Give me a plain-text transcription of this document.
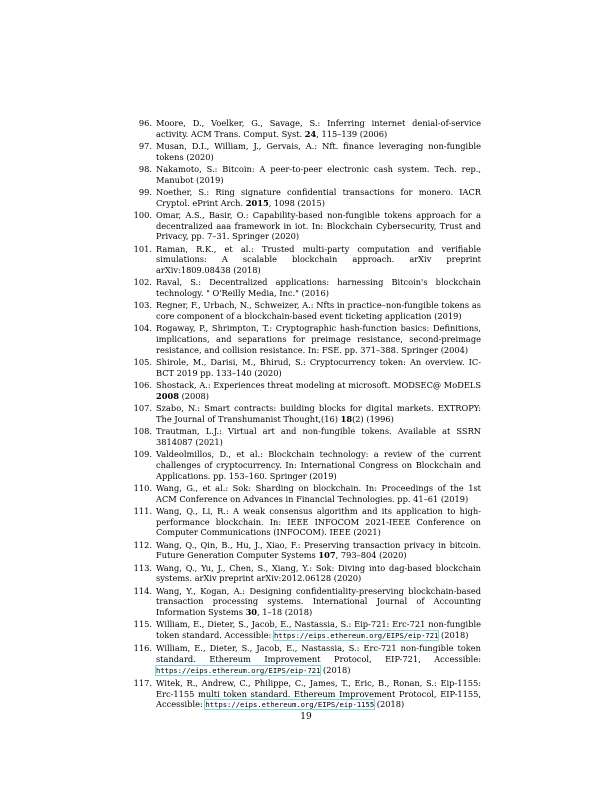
96. Moore, D., Voelker, G., Savage, S.: Inferring internet denial-of-service activity. ACM Trans. Comput. Syst. 24, 115–139 (2006)
97. Musan, D.I., William, J., Gervais, A.: Nft. finance leveraging non-fungible tokens (2020)
98. Nakamoto, S.: Bitcoin: A peer-to-peer electronic cash system. Tech. rep., Manubot (2019)
99. Noether, S.: Ring signature confidential transactions for monero. IACR Cryptol. ePrint Arch. 2015, 1098 (2015)
100. Omar, A.S., Basir, O.: Capability-based non-fungible tokens approach for a decentralized aaa framework in iot. In: Blockchain Cybersecurity, Trust and Privacy, pp. 7–31. Springer (2020)
101. Raman, R.K., et al.: Trusted multi-party computation and verifiable simulations: A scalable blockchain approach. arXiv preprint arXiv:1809.08438 (2018)
102. Raval, S.: Decentralized applications: harnessing Bitcoin's blockchain technology. " O'Reilly Media, Inc." (2016)
103. Regner, F., Urbach, N., Schweizer, A.: Nfts in practice–non-fungible tokens as core component of a blockchain-based event ticketing application (2019)
104. Rogaway, P., Shrimpton, T.: Cryptographic hash-function basics: Definitions, implications, and separations for preimage resistance, second-preimage resistance, and collision resistance. In: FSE. pp. 371–388. Springer (2004)
105. Shirole, M., Darisi, M., Bhirud, S.: Cryptocurrency token: An overview. IC-BCT 2019 pp. 133–140 (2020)
106. Shostack, A.: Experiences threat modeling at microsoft. MODSEC@ MoDELS 2008 (2008)
107. Szabo, N.: Smart contracts: building blocks for digital markets. EXTROPY: The Journal of Transhumanist Thought,(16) 18(2) (1996)
108. Trautman, L.J.: Virtual art and non-fungible tokens. Available at SSRN 3814087 (2021)
109. Valdeolmillos, D., et al.: Blockchain technology: a review of the current challenges of cryptocurrency. In: International Congress on Blockchain and Applications. pp. 153–160. Springer (2019)
110. Wang, G., et al.: Sok: Sharding on blockchain. In: Proceedings of the 1st ACM Conference on Advances in Financial Technologies. pp. 41–61 (2019)
111. Wang, Q., Li, R.: A weak consensus algorithm and its application to high-performance blockchain. In: IEEE INFOCOM 2021-IEEE Conference on Computer Communications (INFOCOM). IEEE (2021)
112. Wang, Q., Qin, B., Hu, J., Xiao, F.: Preserving transaction privacy in bitcoin. Future Generation Computer Systems 107, 793–804 (2020)
113. Wang, Q., Yu, J., Chen, S., Xiang, Y.: Sok: Diving into dag-based blockchain systems. arXiv preprint arXiv:2012.06128 (2020)
114. Wang, Y., Kogan, A.: Designing confidentiality-preserving blockchain-based transaction processing systems. International Journal of Accounting Information Systems 30, 1–18 (2018)
115. William, E., Dieter, S., Jacob, E., Nastassia, S.: Eip-721: Erc-721 non-fungible token standard. Accessible: https://eips.ethereum.org/EIPS/eip-721 (2018)
116. William, E., Dieter, S., Jacob, E., Nastassia, S.: Erc-721 non-fungible token standard. Ethereum Improvement Protocol, EIP-721, Accessible: https://eips.ethereum.org/EIPS/eip-721 (2018)
117. Witek, R., Andrew, C., Philippe, C., James, T., Eric, B., Ronan, S.: Eip-1155: Erc-1155 multi token standard. Ethereum Improvement Protocol, EIP-1155, Accessible: https://eips.ethereum.org/EIPS/eip-1155 (2018)
19
